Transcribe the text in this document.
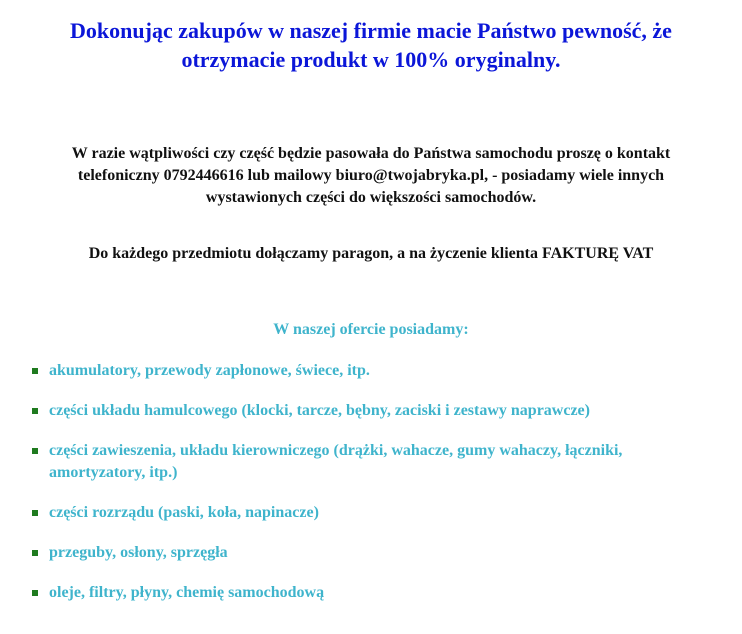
Dokonując zakupów w naszej firmie macie Państwo pewność, że
otrzymacie produkt w 100% oryginalny.

W razie wątpliwości czy część będzie pasowała do Państwa samochodu proszę o kontakt
telefoniczny 0792446616 lub mailowy biuro@twojabryka.pl, - posiadamy wiele innych
wystawionych części do większości samochodów.

Do każdego przedmiotu dołączamy paragon, a na życzenie klienta FAKTURĘ VAT

W naszej ofercie posiadamy:

akumulatory, przewody zapłonowe, świece, itp.
części układu hamulcowego (klocki, tarcze, bębny, zaciski i zestawy naprawcze)
części zawieszenia, układu kierowniczego (drążki, wahacze, gumy wahaczy, łączniki, amortyzatory, itp.)
części rozrządu (paski, koła, napinacze)
przeguby, osłony, sprzęgła
oleje, filtry, płyny, chemię samochodową
